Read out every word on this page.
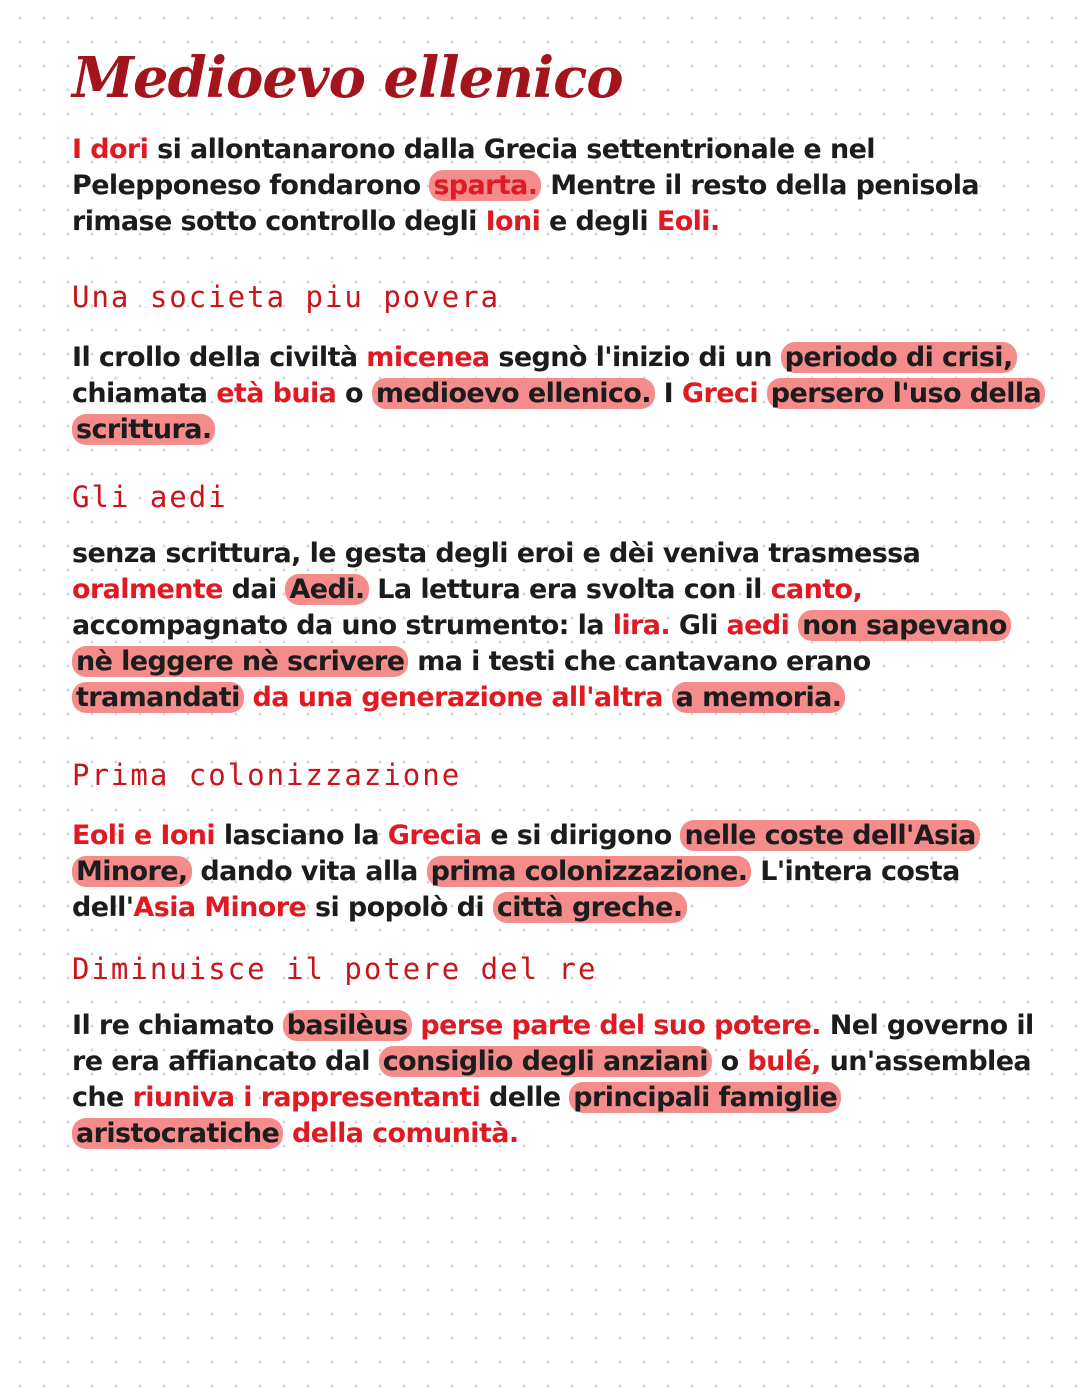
Medioevo ellenico

I dori si allontanarono dalla Grecia settentrionale e nel Pelepponeso fondarono sparta. Mentre il resto della penisola rimase sotto controllo degli Ioni e degli Eoli.

Una societa piu povera

Il crollo della civiltà micenea segnò l'inizio di un periodo di crisi, chiamata età buia o medioevo ellenico. I Greci persero l'uso della scrittura.

Gli aedi

senza scrittura, le gesta degli eroi e dèi veniva trasmessa oralmente dai Aedi. La lettura era svolta con il canto, accompagnato da uno strumento: la lira. Gli aedi non sapevano nè leggere nè scrivere ma i testi che cantavano erano tramandati da una generazione all'altra a memoria.

Prima colonizzazione

Eoli e Ioni lasciano la Grecia e si dirigono nelle coste dell'Asia Minore, dando vita alla prima colonizzazione. L'intera costa dell'Asia Minore si popolò di città greche.

Diminuisce il potere del re

Il re chiamato basilèus perse parte del suo potere. Nel governo il re era affiancato dal consiglio degli anziani o bulé, un'assemblea che riuniva i rappresentanti delle principali famiglie aristocratiche della comunità.
